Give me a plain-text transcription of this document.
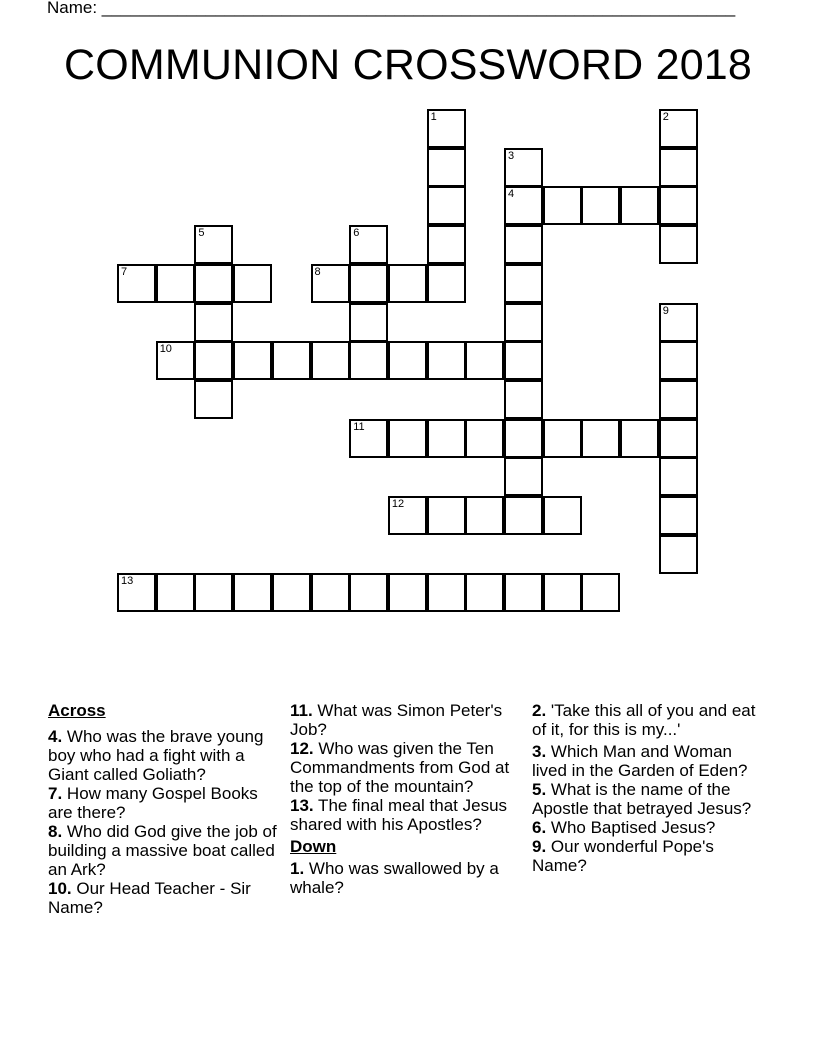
Name: ___________________________________________________________________
COMMUNION CROSSWORD 2018
4
7	8
10
11
12
13
1	2
3
5	6
9
Across
4. Who was the brave young boy who had a fight with a Giant called Goliath?
7. How many Gospel Books are there?
8. Who did God give the job of building a massive boat called an Ark?
10. Our Head Teacher - Sir Name?
11. What was Simon Peter's Job?
12. Who was given the Ten Commandments from God at the top of the mountain?
13. The final meal that Jesus shared with his Apostles?
Down
1. Who was swallowed by a whale?
2. 'Take this all of you and eat of it, for this is my...'
3. Which Man and Woman lived in the Garden of Eden?
5. What is the name of the Apostle that betrayed Jesus?
6. Who Baptised Jesus?
9. Our wonderful Pope's Name?
